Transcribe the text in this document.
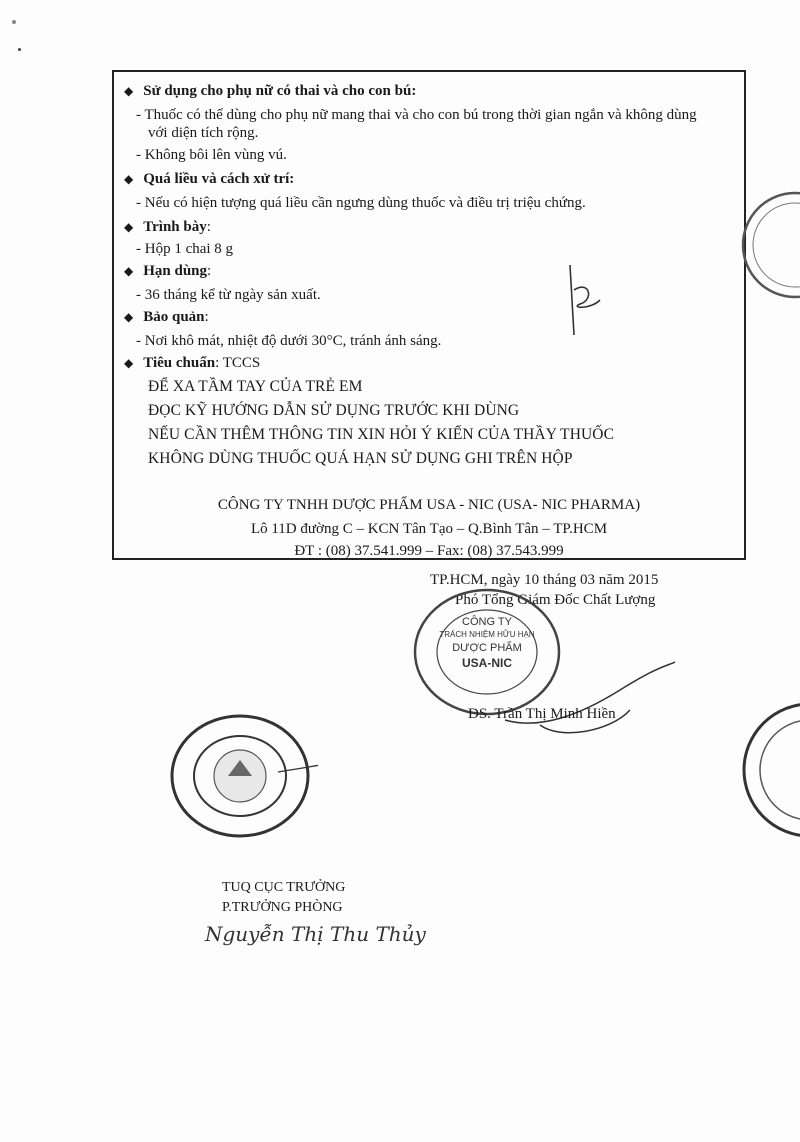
◆ Sử dụng cho phụ nữ có thai và cho con bú:
- Thuốc có thể dùng cho phụ nữ mang thai và cho con bú trong thời gian ngắn và không dùng
với diện tích rộng.
- Không bôi lên vùng vú.
◆ Quá liều và cách xử trí:
- Nếu có hiện tượng quá liều cần ngưng dùng thuốc và điều trị triệu chứng.
◆ Trình bày:
- Hộp 1 chai 8 g
◆ Hạn dùng:
- 36 tháng kể từ ngày sản xuất.
◆ Bảo quản:
- Nơi khô mát, nhiệt độ dưới 30°C, tránh ánh sáng.
◆ Tiêu chuẩn: TCCS
ĐỂ XA TẦM TAY CỦA TRẺ EM
ĐỌC KỸ HƯỚNG DẪN SỬ DỤNG TRƯỚC KHI DÙNG
NẾU CẦN THÊM THÔNG TIN XIN HỎI Ý KIẾN CỦA THẦY THUỐC
KHÔNG DÙNG THUỐC QUÁ HẠN SỬ DỤNG GHI TRÊN HỘP
CÔNG TY TNHH DƯỢC PHẨM USA - NIC (USA- NIC PHARMA)
Lô 11D đường C – KCN Tân Tạo – Q.Bình Tân – TP.HCM
ĐT : (08) 37.541.999 – Fax: (08) 37.543.999
TP.HCM, ngày 10 tháng 03 năm 2015
Phó Tổng Giám Đốc Chất Lượng
CÔNG TY
TRÁCH NHIỆM HỮU HẠN
DƯỢC PHẨM
USA-NIC
DS. Trần Thị Minh Hiền
TUQ CỤC TRƯỞNG
P.TRƯỞNG PHÒNG
Nguyễn Thị Thu Thủy
